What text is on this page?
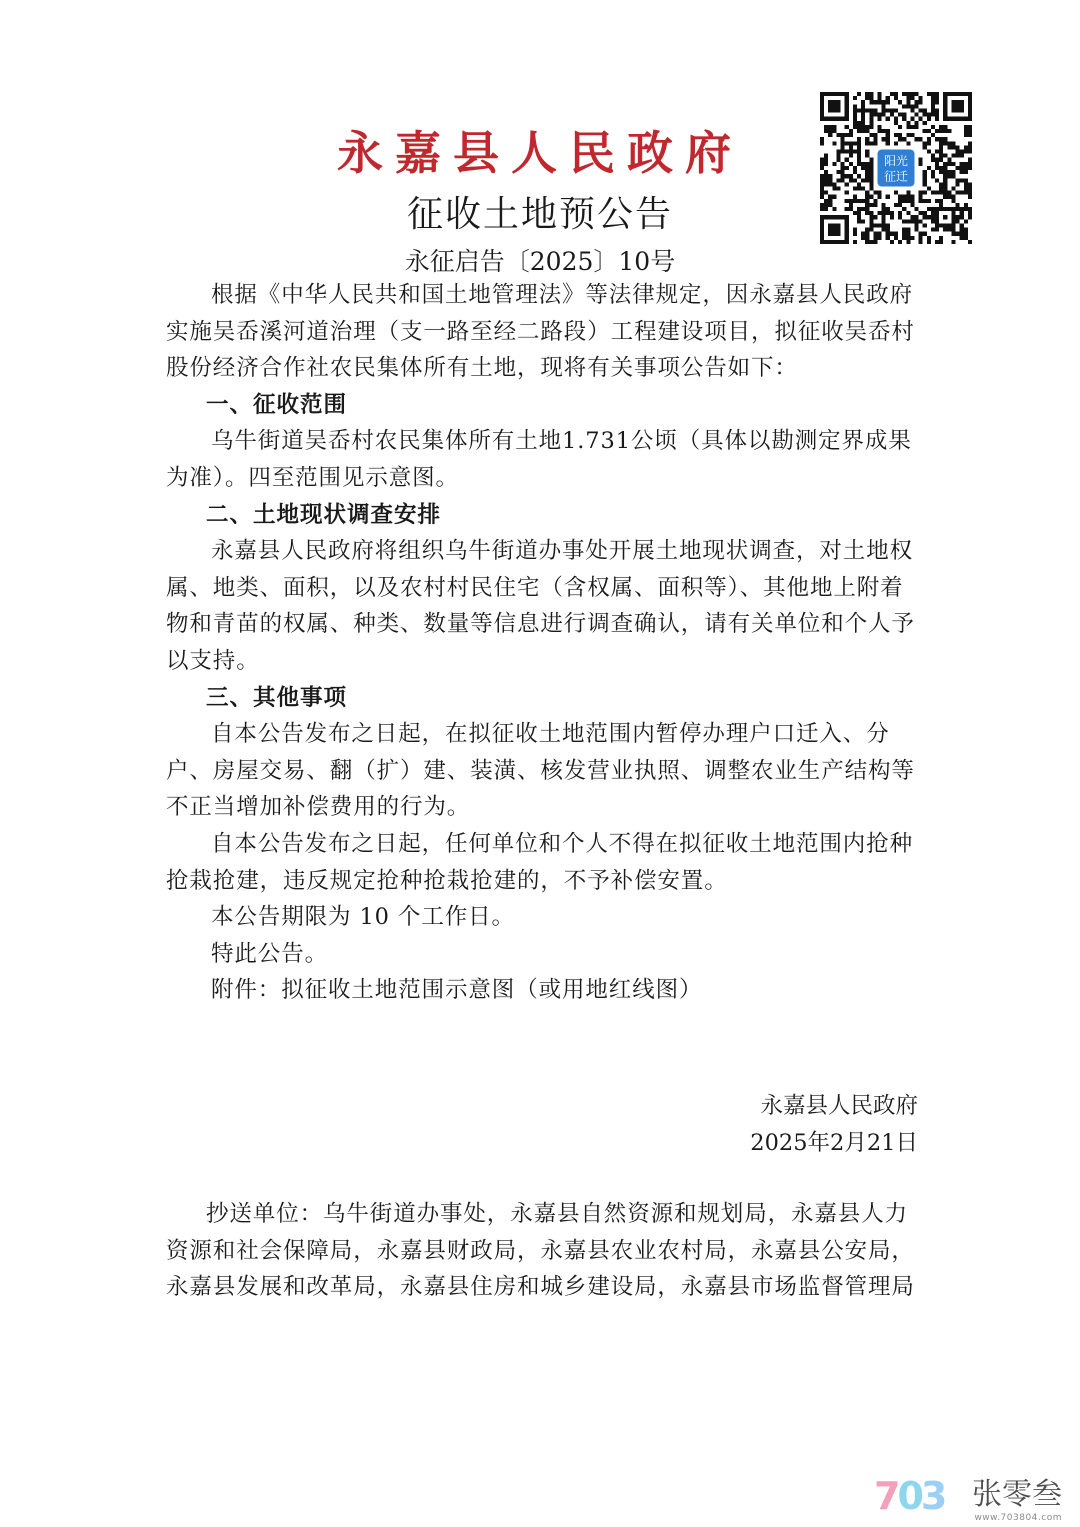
永嘉县人民政府
征收土地预公告
永征启告〔2025〕10号
阳光
征迁

根据《中华人民共和国土地管理法》等法律规定，因永嘉县人民政府实施吴岙溪河道治理（支一路至经二路段）工程建设项目，拟征收吴岙村股份经济合作社农民集体所有土地，现将有关事项公告如下：

一、征收范围

乌牛街道吴岙村农民集体所有土地1.731公顷（具体以勘测定界成果为准）。四至范围见示意图。

二、土地现状调查安排

永嘉县人民政府将组织乌牛街道办事处开展土地现状调查，对土地权属、地类、面积，以及农村村民住宅（含权属、面积等）、其他地上附着物和青苗的权属、种类、数量等信息进行调查确认，请有关单位和个人予以支持。

三、其他事项

自本公告发布之日起，在拟征收土地范围内暂停办理户口迁入、分户、房屋交易、翻（扩）建、装潢、核发营业执照、调整农业生产结构等不正当增加补偿费用的行为。

自本公告发布之日起，任何单位和个人不得在拟征收土地范围内抢种抢栽抢建，违反规定抢种抢栽抢建的，不予补偿安置。

本公告期限为 10 个工作日。

特此公告。

附件：拟征收土地范围示意图（或用地红线图）

永嘉县人民政府
2025年2月21日
抄送单位：乌牛街道办事处，永嘉县自然资源和规划局，永嘉县人力资源和社会保障局，永嘉县财政局，永嘉县农业农村局，永嘉县公安局，永嘉县发展和改革局，永嘉县住房和城乡建设局，永嘉县市场监督管理局
703 张零叁
www.703804.com
